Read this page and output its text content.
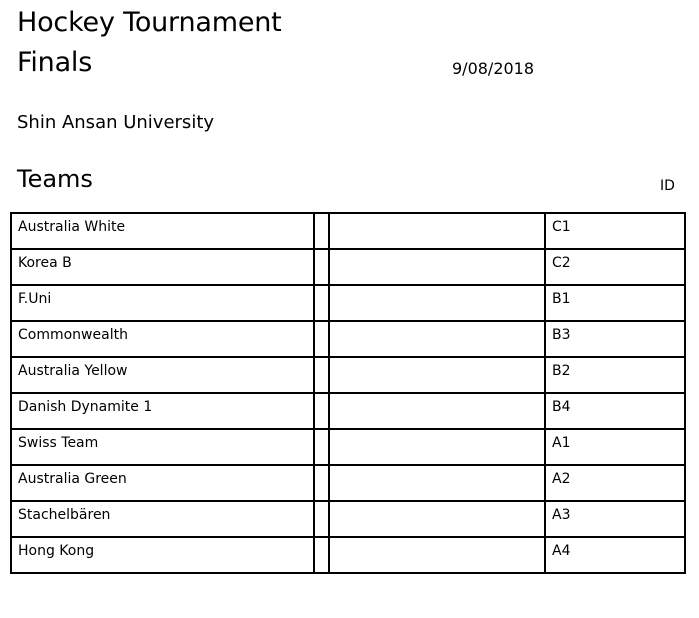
Hockey Tournament
Finals	9/08/2018
Shin Ansan University
Teams	ID
Australia White			C1
Korea B			C2
F.Uni			B1
Commonwealth			B3
Australia Yellow			B2
Danish Dynamite 1			B4
Swiss Team			A1
Australia Green			A2
Stachelbären			A3
Hong Kong			A4
